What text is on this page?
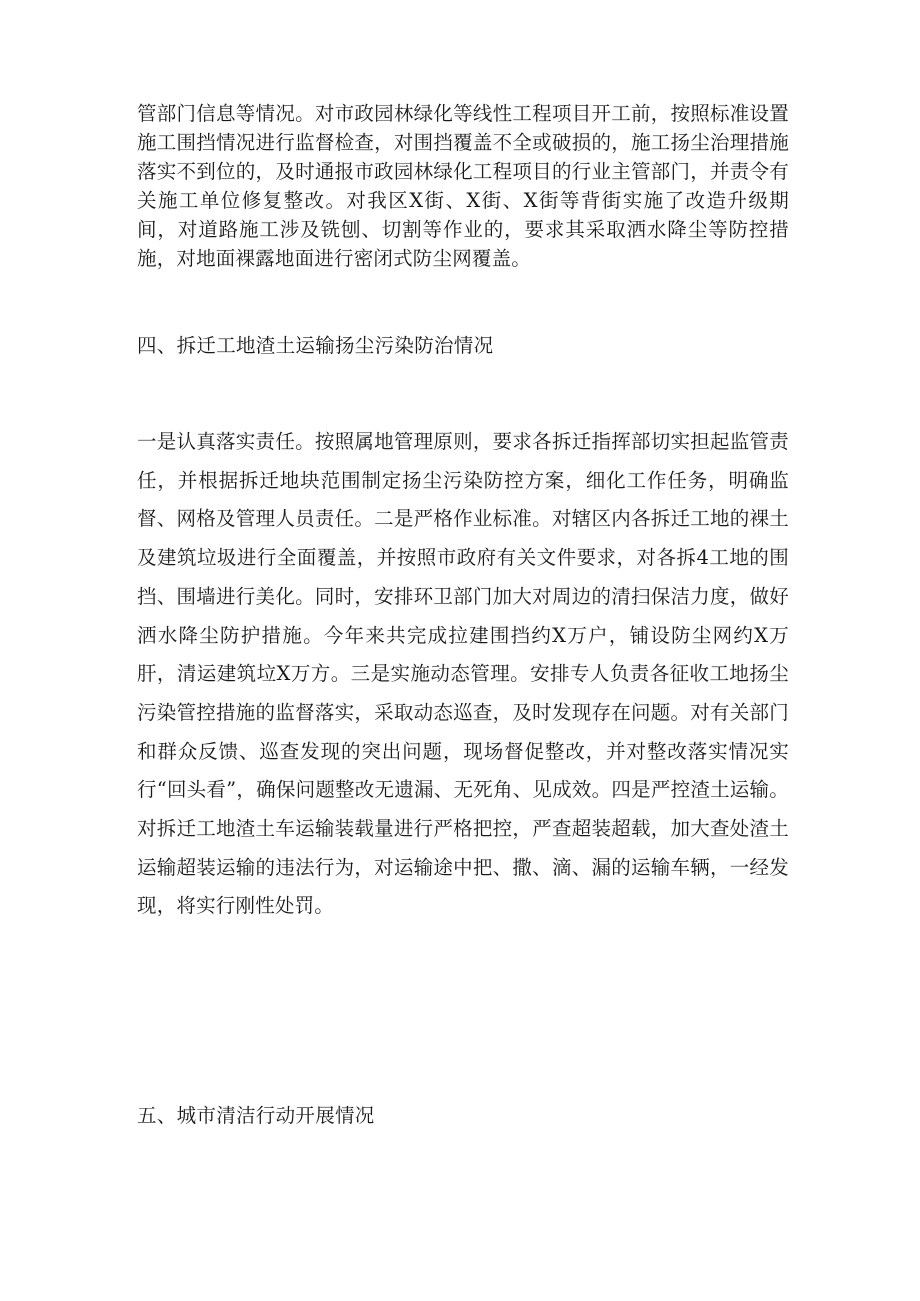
管部门信息等情况。对市政园林绿化等线性工程项目开工前，按照标准设置施工围挡情况进行监督检查，对围挡覆盖不全或破损的，施工扬尘治理措施落实不到位的，及时通报市政园林绿化工程项目的行业主管部门，并责令有关施工单位修复整改。对我区X街、X街、X街等背街实施了改造升级期间，对道路施工涉及铣刨、切割等作业的，要求其采取洒水降尘等防控措施，对地面裸露地面进行密闭式防尘网覆盖。

四、拆迁工地渣土运输扬尘污染防治情况

一是认真落实责任。按照属地管理原则，要求各拆迁指挥部切实担起监管责任，并根据拆迁地块范围制定扬尘污染防控方案，细化工作任务，明确监督、网格及管理人员责任。二是严格作业标准。对辖区内各拆迁工地的裸土及建筑垃圾进行全面覆盖，并按照市政府有关文件要求，对各拆4工地的围挡、围墙进行美化。同时，安排环卫部门加大对周边的清扫保洁力度，做好洒水降尘防护措施。今年来共完成拉建围挡约X万户，铺设防尘网约X万肝，清运建筑垃X万方。三是实施动态管理。安排专人负责各征收工地扬尘污染管控措施的监督落实，采取动态巡查，及时发现存在问题。对有关部门和群众反馈、巡查发现的突出问题，现场督促整改，并对整改落实情况实行“回头看”，确保问题整改无遗漏、无死角、见成效。四是严控渣土运输。对拆迁工地渣土车运输装载量进行严格把控，严查超装超载，加大查处渣土运输超装运输的违法行为，对运输途中把、撒、滴、漏的运输车辆，一经发现，将实行刚性处罚。

五、城市清洁行动开展情况
